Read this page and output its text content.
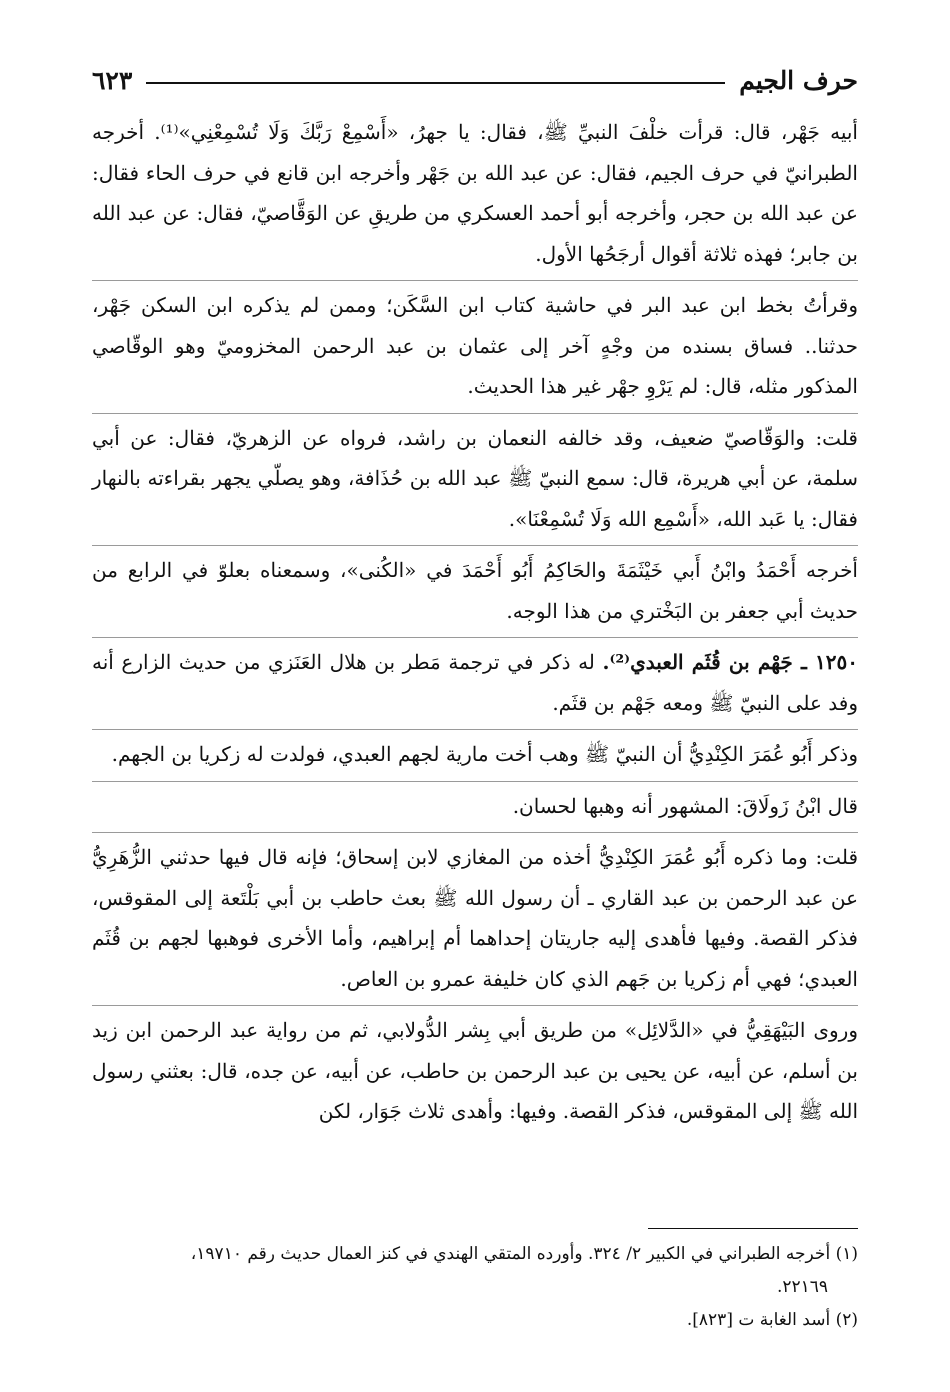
حرف الجيم
٦٢٣

أبيه جَهْر، قال: قرأت خلْفَ النبيِّ ﷺ، فقال: يا جهرُ، «أَسْمِعْ رَبَّكَ وَلَا تُسْمِعْنِي»⁽¹⁾. أخرجه الطبرانيّ في حرف الجيم، فقال: عن عبد الله بن جَهْر وأخرجه ابن قانع في حرف الحاء فقال: عن عبد الله بن حجر، وأخرجه أبو أحمد العسكري من طريقِ عن الوَقَّاصيّ، فقال: عن عبد الله بن جابر؛ فهذه ثلاثة أقوال أرجَحُها الأول.

وقرأتُ بخط ابن عبد البر في حاشية كتاب ابن السَّكَن؛ وممن لم يذكره ابن السكن جَهْر، حدثنا.. فساق بسنده من وجْهٍ آخر إلى عثمان بن عبد الرحمن المخزوميّ وهو الوقّاصي المذكور مثله، قال: لم يَرْوِ جهْر غير هذا الحديث.

قلت: والوَقّاصيّ ضعيف، وقد خالفه النعمان بن راشد، فرواه عن الزهريّ، فقال: عن أبي سلمة، عن أبي هريرة، قال: سمع النبيّ ﷺ عبد الله بن حُذَافة، وهو يصلّي يجهر بقراءته بالنهار فقال: يا عَبد الله، «أَسْمِع الله وَلَا تُسْمِعْنَا».

أخرجه أَحْمَدُ وابْنُ أَبي خَيْثَمَةَ والحَاكِمُ أَبُو أَحْمَدَ في «الكُنى»، وسمعناه بعلوّ في الرابع من حديث أبي جعفر بن البَخْتري من هذا الوجه.

١٢٥٠ ـ جَهْم بن قُثَم العبدي⁽²⁾. له ذكر في ترجمة مَطر بن هلال العَنَزي من حديث الزارع أنه وفد على النبيّ ﷺ ومعه جَهْم بن قثَم.

وذكر أَبُو عُمَرَ الكِنْدِيُّ أن النبيّ ﷺ وهب أخت مارية لجهم العبدي، فولدت له زكريا بن الجهم.

قال ابْنُ زَولَاقَ: المشهور أنه وهبها لحسان.

قلت: وما ذكره أَبُو عُمَرَ الكِنْدِيُّ أخذه من المغازي لابن إسحاق؛ فإنه قال فيها حدثني الزُّهَرِيُّ عن عبد الرحمن بن عبد القاري ـ أن رسول الله ﷺ بعث حاطب بن أبي بَلْتَعة إلى المقوقس، فذكر القصة. وفيها فأهدى إليه جاريتان إحداهما أم إبراهيم، وأما الأخرى فوهبها لجهم بن قُثَم العبدي؛ فهي أم زكريا بن جَهم الذي كان خليفة عمرو بن العاص.

وروى البَيْهَقِيُّ في «الدَّلائِل» من طريق أبي بِشر الدُّولابي، ثم من رواية عبد الرحمن ابن زيد بن أسلم، عن أبيه، عن يحيى بن عبد الرحمن بن حاطب، عن أبيه، عن جده، قال: بعثني رسول الله ﷺ إلى المقوقس، فذكر القصة. وفيها: وأهدى ثلاث جَوَار، لكن

(١) أخرجه الطبراني في الكبير ٢/ ٣٢٤. وأورده المتقي الهندي في كنز العمال حديث رقم ١٩٧١٠،
٢٢١٦٩.

(٢) أسد الغابة ت [٨٢٣].
